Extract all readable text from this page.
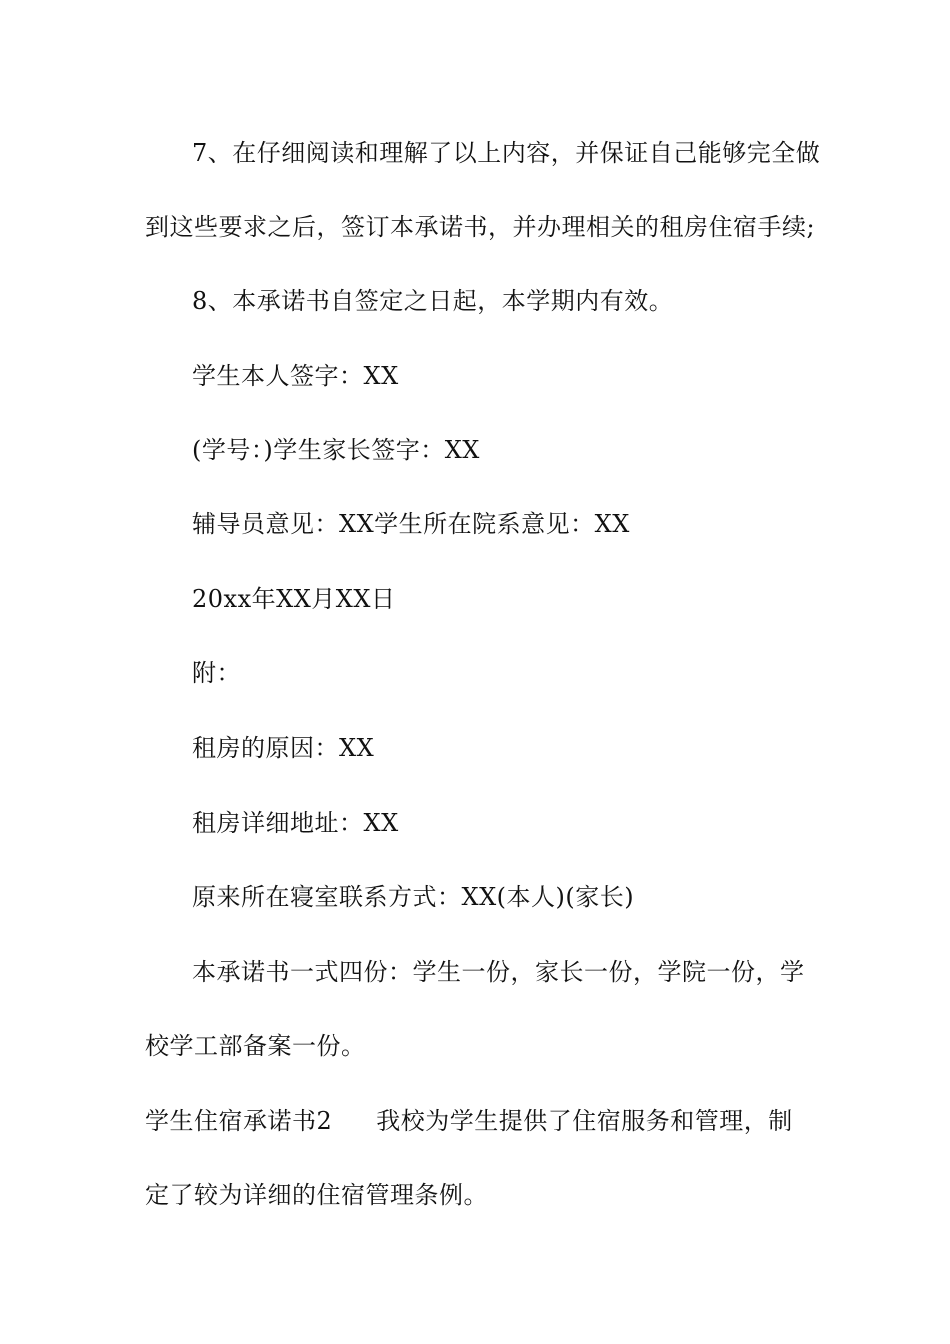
7、在仔细阅读和理解了以上内容，并保证自己能够完全做
到这些要求之后，签订本承诺书，并办理相关的租房住宿手续;
8、本承诺书自签定之日起，本学期内有效。
学生本人签字：XX
(学号：)学生家长签字：XX
辅导员意见：XX学生所在院系意见：XX
20xx年XX月XX日
附：
租房的原因：XX
租房详细地址：XX
原来所在寝室联系方式：XX(本人)(家长)
本承诺书一式四份：学生一份，家长一份，学院一份，学
校学工部备案一份。
学生住宿承诺书2 我校为学生提供了住宿服务和管理，制
定了较为详细的住宿管理条例。
